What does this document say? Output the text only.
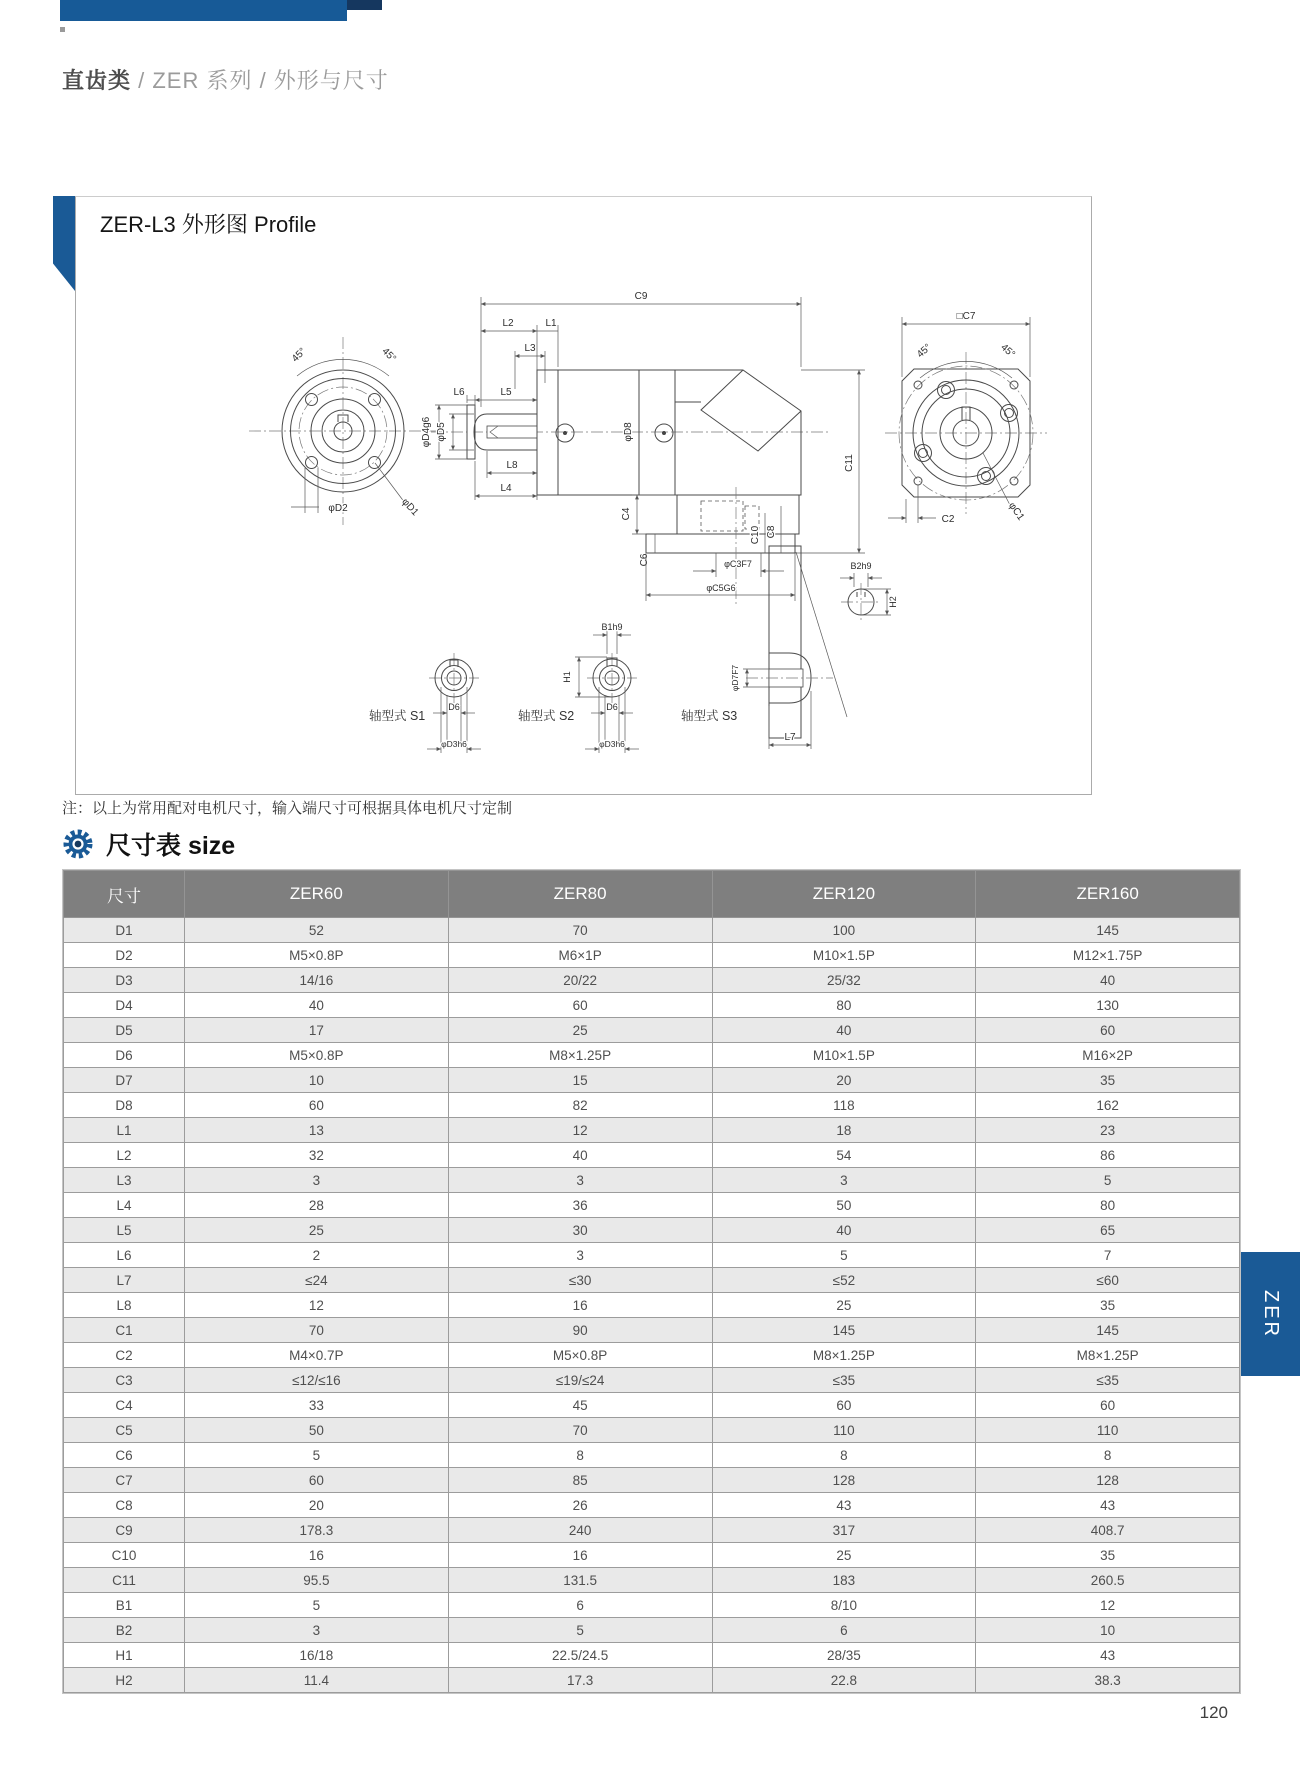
直齿类 / ZER 系列 / 外形与尺寸
ZER-L3 外形图 Profile
45°	45°
φD2	φD1
C9
L2	L1
L3
L6	L5
L8
L4
φD4g6 φD5	φD8
C11
C4
C6
C10 C8
φC3F7
φC5G6
□C7
45°	45°
C2	φC1
D6
φD3h6
轴型式 S1
B1h9
H1
D6
φD3h6
轴型式 S2
φD7F7
L7
轴型式 S3
B2h9
H2
注：以上为常用配对电机尺寸，输入端尺寸可根据具体电机尺寸定制
尺寸表 size
尺寸	ZER60	ZER80	ZER120	ZER160
D1	52	70	100	145
D2	M5×0.8P	M6×1P	M10×1.5P	M12×1.75P
D3	14/16	20/22	25/32	40
D4	40	60	80	130
D5	17	25	40	60
D6	M5×0.8P	M8×1.25P	M10×1.5P	M16×2P
D7	10	15	20	35
D8	60	82	118	162
L1	13	12	18	23
L2	32	40	54	86
L3	3	3	3	5
L4	28	36	50	80
L5	25	30	40	65
L6	2	3	5	7
L7	≤24	≤30	≤52	≤60
L8	12	16	25	35
C1	70	90	145	145
C2	M4×0.7P	M5×0.8P	M8×1.25P	M8×1.25P
C3	≤12/≤16	≤19/≤24	≤35	≤35
C4	33	45	60	60
C5	50	70	110	110
C6	5	8	8	8
C7	60	85	128	128
C8	20	26	43	43
C9	178.3	240	317	408.7
C10	16	16	25	35
C11	95.5	131.5	183	260.5
B1	5	6	8/10	12
B2	3	5	6	10
H1	16/18	22.5/24.5	28/35	43
H2	11.4	17.3	22.8	38.3
ZER
120
